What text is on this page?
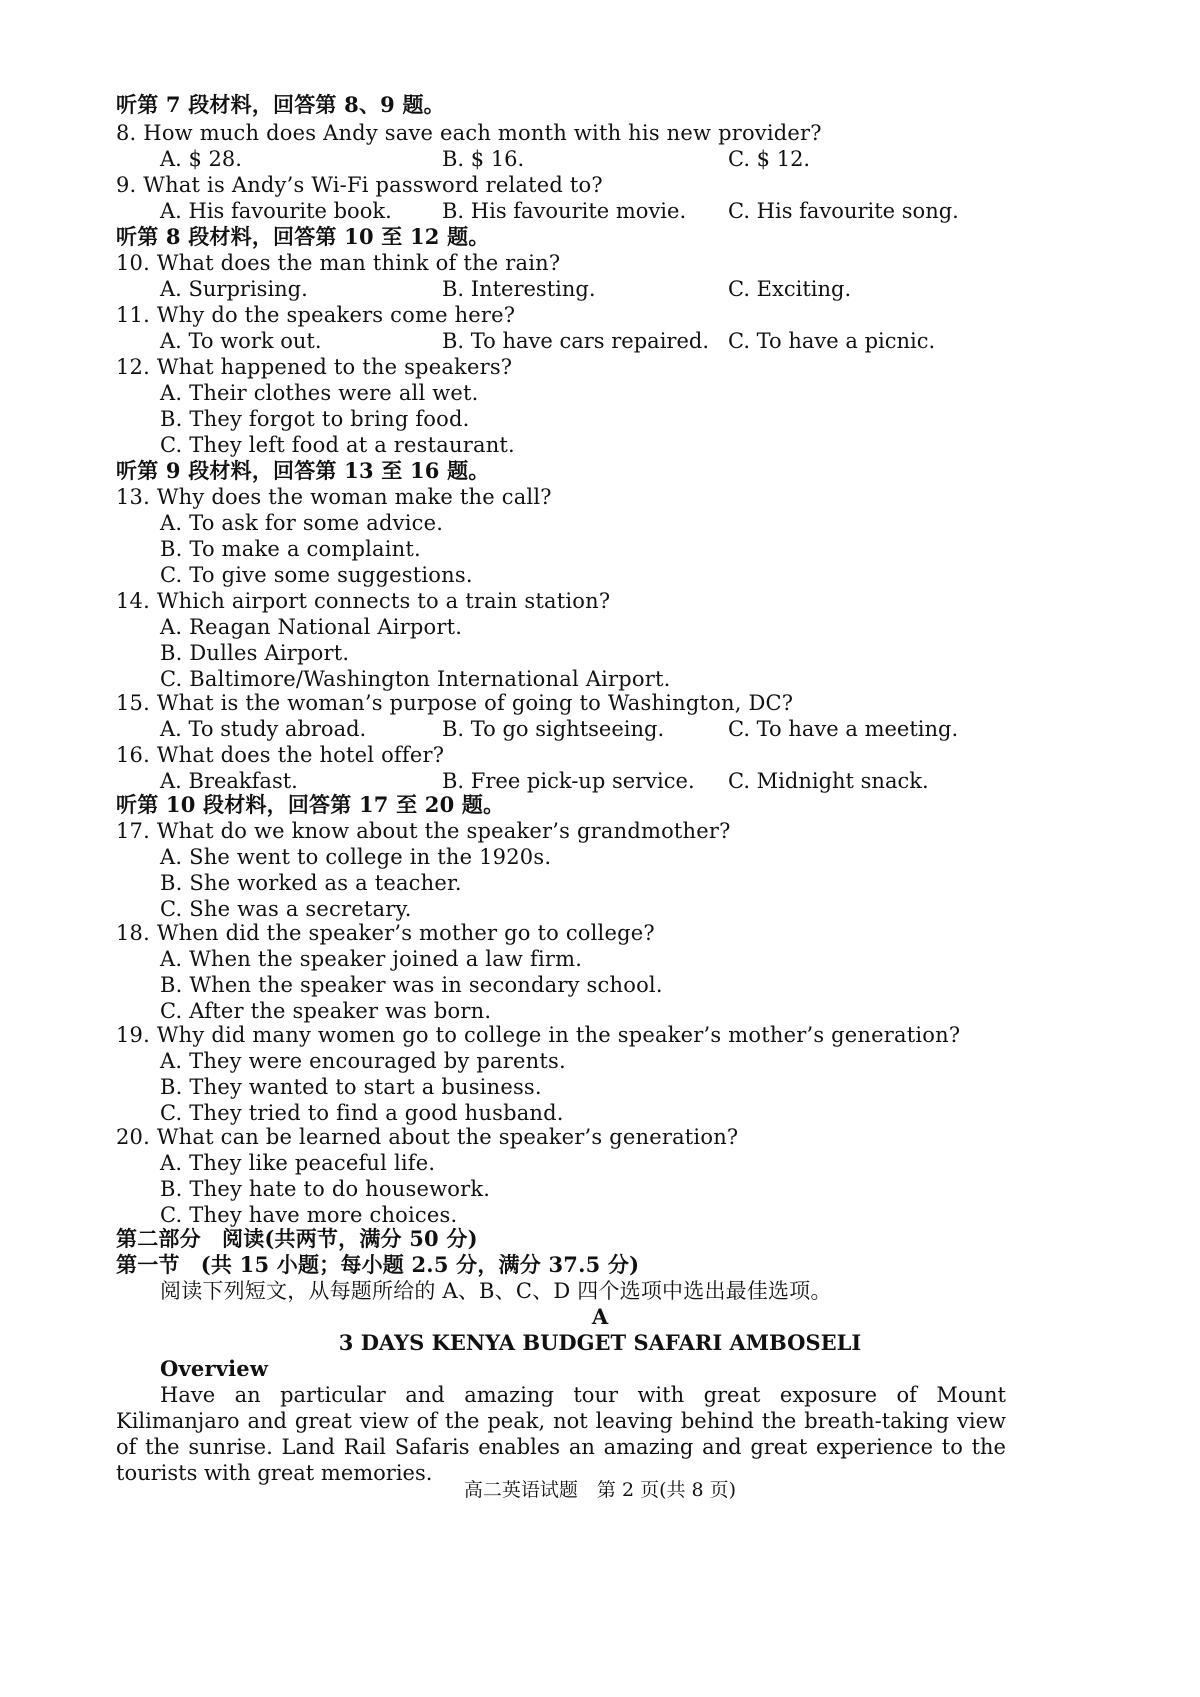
听第 7 段材料，回答第 8、9 题。
8. How much does Andy save each month with his new provider?
A. $ 28.	B. $ 16.	C. $ 12.
9. What is Andy’s Wi-Fi password related to?
A. His favourite book. B. His favourite movie. C. His favourite song.
听第 8 段材料，回答第 10 至 12 题。
10. What does the man think of the rain?
A. Surprising.	B. Interesting.	C. Exciting.
11. Why do the speakers come here?
A. To work out.	B. To have cars repaired. C. To have a picnic.
12. What happened to the speakers?
A. Their clothes were all wet.
B. They forgot to bring food.
C. They left food at a restaurant.
听第 9 段材料，回答第 13 至 16 题。
13. Why does the woman make the call?
A. To ask for some advice.
B. To make a complaint.
C. To give some suggestions.
14. Which airport connects to a train station?
A. Reagan National Airport.
B. Dulles Airport.
C. Baltimore/Washington International Airport.
15. What is the woman’s purpose of going to Washington, DC?
A. To study abroad.	B. To go sightseeing.	C. To have a meeting.
16. What does the hotel offer?
A. Breakfast.	B. Free pick-up service. C. Midnight snack.
听第 10 段材料，回答第 17 至 20 题。
17. What do we know about the speaker’s grandmother?
A. She went to college in the 1920s.
B. She worked as a teacher.
C. She was a secretary.
18. When did the speaker’s mother go to college?
A. When the speaker joined a law firm.
B. When the speaker was in secondary school.
C. After the speaker was born.
19. Why did many women go to college in the speaker’s mother’s generation?
A. They were encouraged by parents.
B. They wanted to start a business.
C. They tried to find a good husband.
20. What can be learned about the speaker’s generation?
A. They like peaceful life.
B. They hate to do housework.
C. They have more choices.
第二部分　阅读(共两节，满分 50 分)
第一节　(共 15 小题；每小题 2.5 分，满分 37.5 分)
阅读下列短文，从每题所给的 A、B、C、D 四个选项中选出最佳选项。
A
3 DAYS KENYA BUDGET SAFARI AMBOSELI
Overview
Have an particular and amazing tour with great exposure of Mount Kilimanjaro and great view of the peak, not leaving behind the breath-taking view of the sunrise. Land Rail Safaris enables an amazing and great experience to the tourists with great memories.
高二英语试题　第 2 页(共 8 页)
